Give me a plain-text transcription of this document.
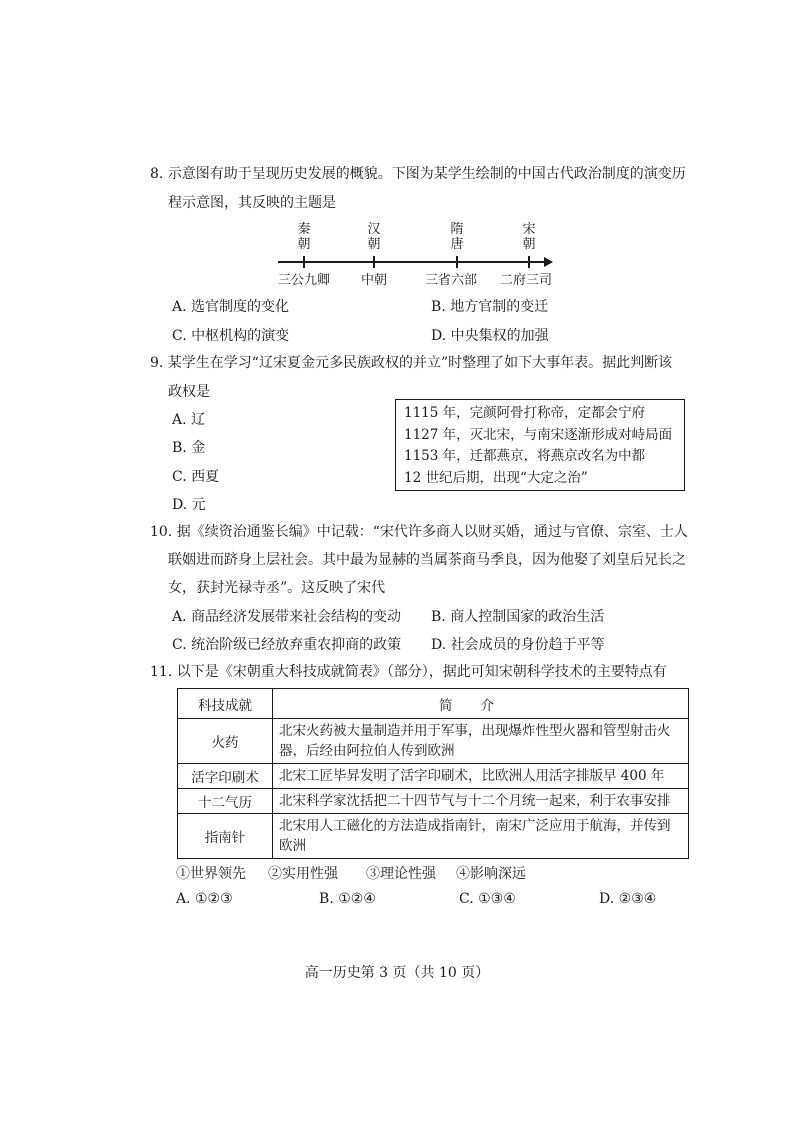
8. 示意图有助于呈现历史发展的概貌。下图为某学生绘制的中国古代政治制度的演变历
程示意图，其反映的主题是
秦朝
汉朝
隋唐
宋朝
三公九卿 中朝	三省六部 二府三司
A. 选官制度的变化	B. 地方官制的变迁
C. 中枢机构的演变	D. 中央集权的加强
9. 某学生在学习“辽宋夏金元多民族政权的并立”时整理了如下大事年表。据此判断该
政权是
A. 辽
B. 金
C. 西夏
D. 元
1115 年，完颜阿骨打称帝，定都会宁府
1127 年，灭北宋，与南宋逐渐形成对峙局面
1153 年，迁都燕京，将燕京改名为中都
12 世纪后期，出现“大定之治”
10. 据《续资治通鉴长编》中记载：“宋代许多商人以财买婚，通过与官僚、宗室、士人
联姻进而跻身上层社会。其中最为显赫的当属茶商马季良，因为他娶了刘皇后兄长之
女，获封光禄寺丞”。这反映了宋代
A. 商品经济发展带来社会结构的变动 B. 商人控制国家的政治生活
C. 统治阶级已经放弃重农抑商的政策 D. 社会成员的身份趋于平等
11. 以下是《宋朝重大科技成就简表》（部分），据此可知宋朝科学技术的主要特点有
科技成就	简介
火药	北宋火药被大量制造并用于军事，出现爆炸性型火器和管型射击火器，后经由阿拉伯人传到欧洲
活字印刷术	北宋工匠毕昇发明了活字印刷术，比欧洲人用活字排版早 400 年
十二气历	北宋科学家沈括把二十四节气与十二个月统一起来，利于农事安排
指南针	北宋用人工磁化的方法造成指南针，南宋广泛应用于航海，并传到欧洲
①世界领先 ②实用性强 ③理论性强 ④影响深远
A. ①②③	B. ①②④	C. ①③④	D. ②③④
高一历史第 3 页（共 10 页）
